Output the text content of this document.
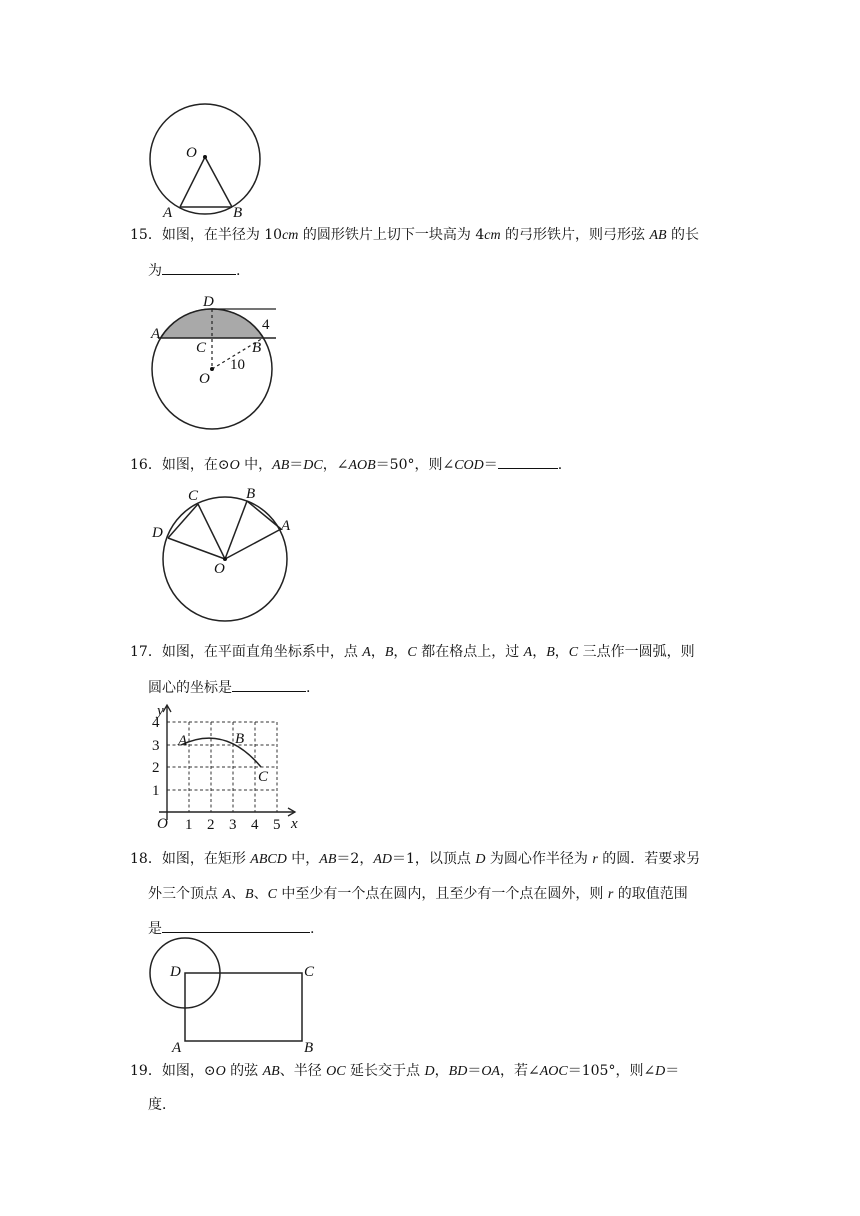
O
A	B
15．如图，在半径为 10cm 的圆形铁片上切下一块高为 4cm 的弓形铁片，则弓形弦 AB 的长
为	.
D
A
C	B
O
4
10
16．如图，在⊙O 中，AB＝DC，∠AOB＝50°，则∠COD＝	.
C	B
D	A
O
17．如图，在平面直角坐标系中，点 A，B，C 都在格点上，过 A，B，C 三点作一圆弧，则
圆心的坐标是	.
1 2 3 4 5
1
2
3
4
O	x
y
A	B
C
18．如图，在矩形 ABCD 中，AB＝2，AD＝1，以顶点 D 为圆心作半径为 r 的圆．若要求另
外三个顶点 A、B、C 中至少有一个点在圆内，且至少有一个点在圆外，则 r 的取值范围
是	.
D	C
A	B
19．如图，⊙O 的弦 AB、半径 OC 延长交于点 D，BD＝OA，若∠AOC＝105°，则∠D＝
度．
